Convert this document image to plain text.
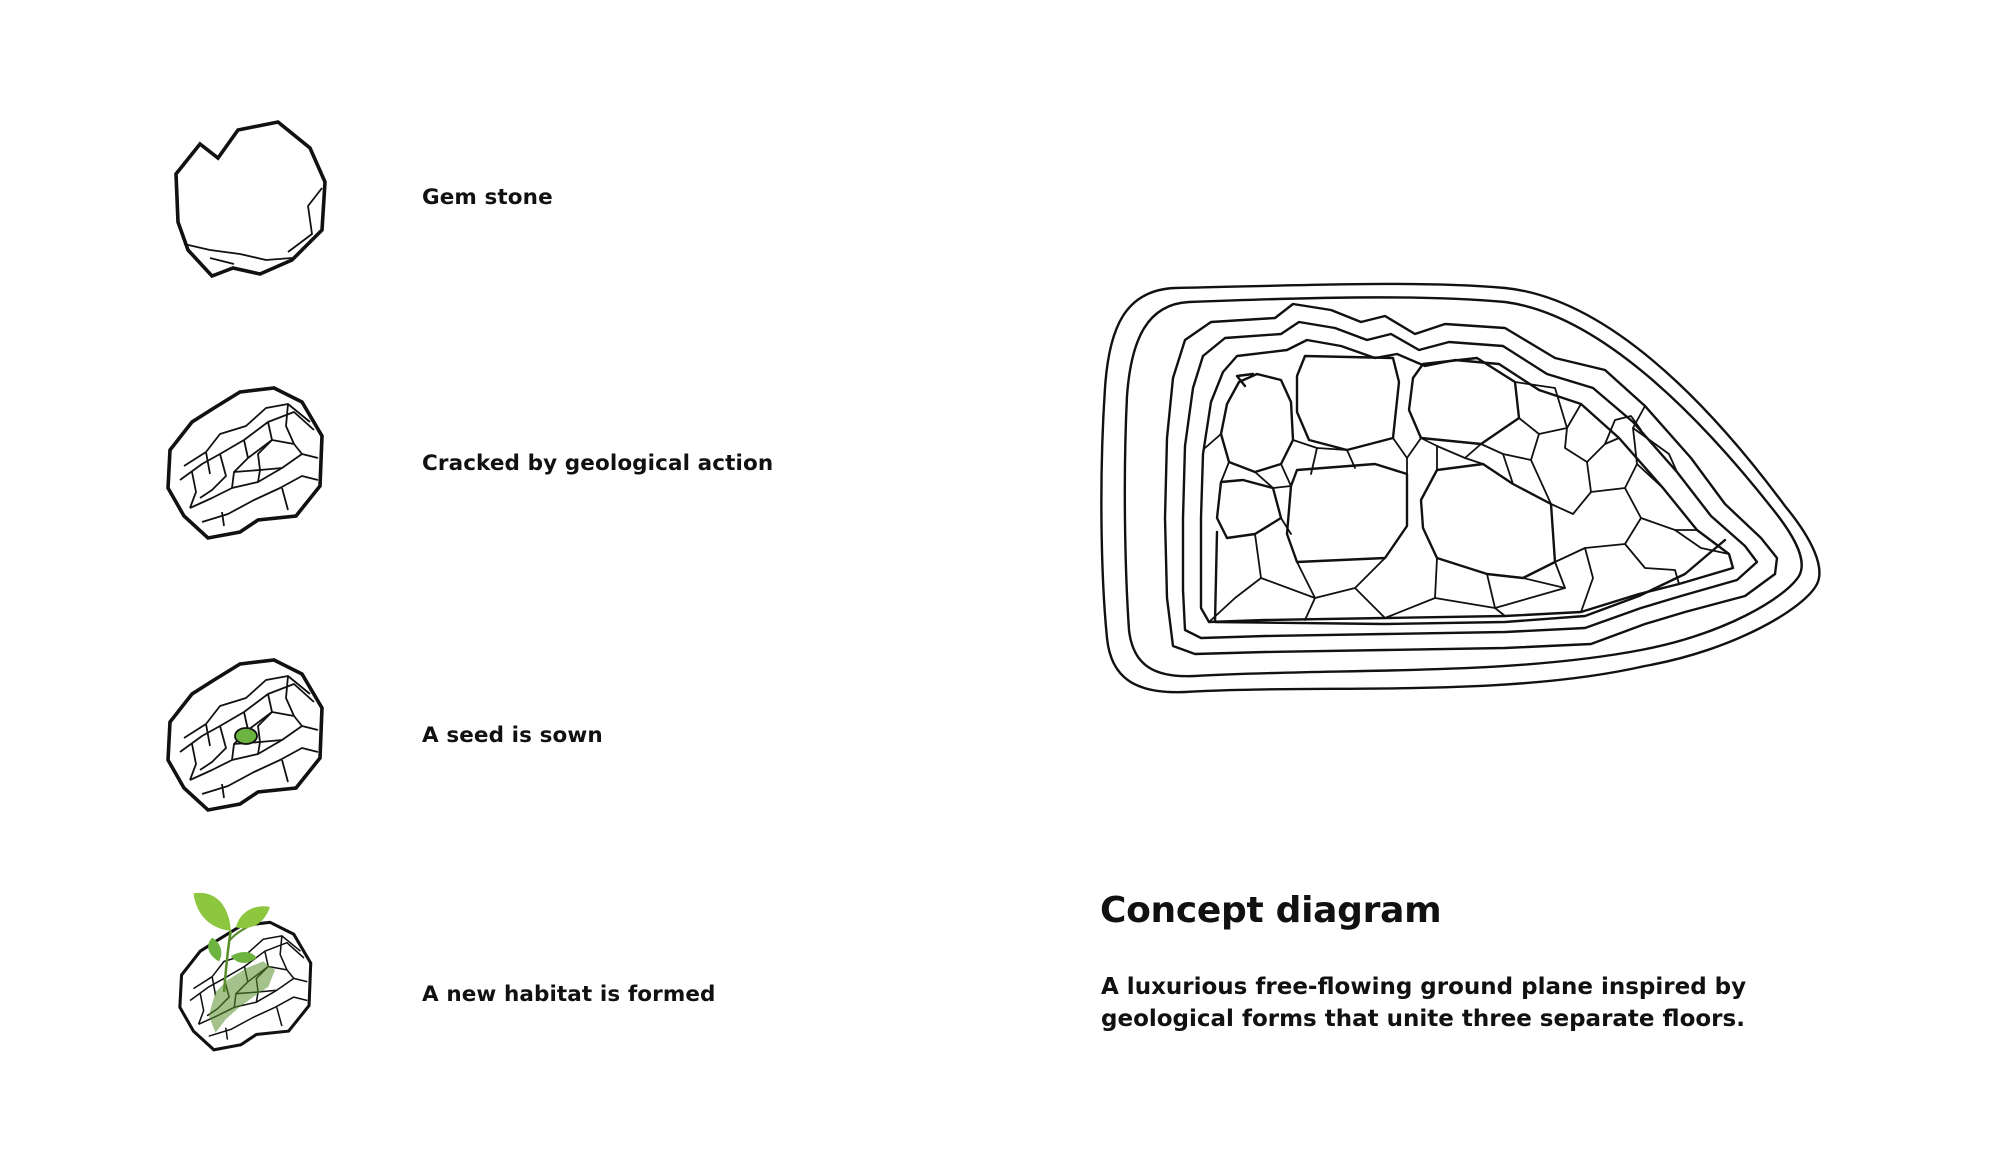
Gem stone
Cracked by geological action
A seed is sown
A new habitat is formed
Concept diagram
A luxurious free-flowing ground plane inspired by geological forms that unite three separate floors.
